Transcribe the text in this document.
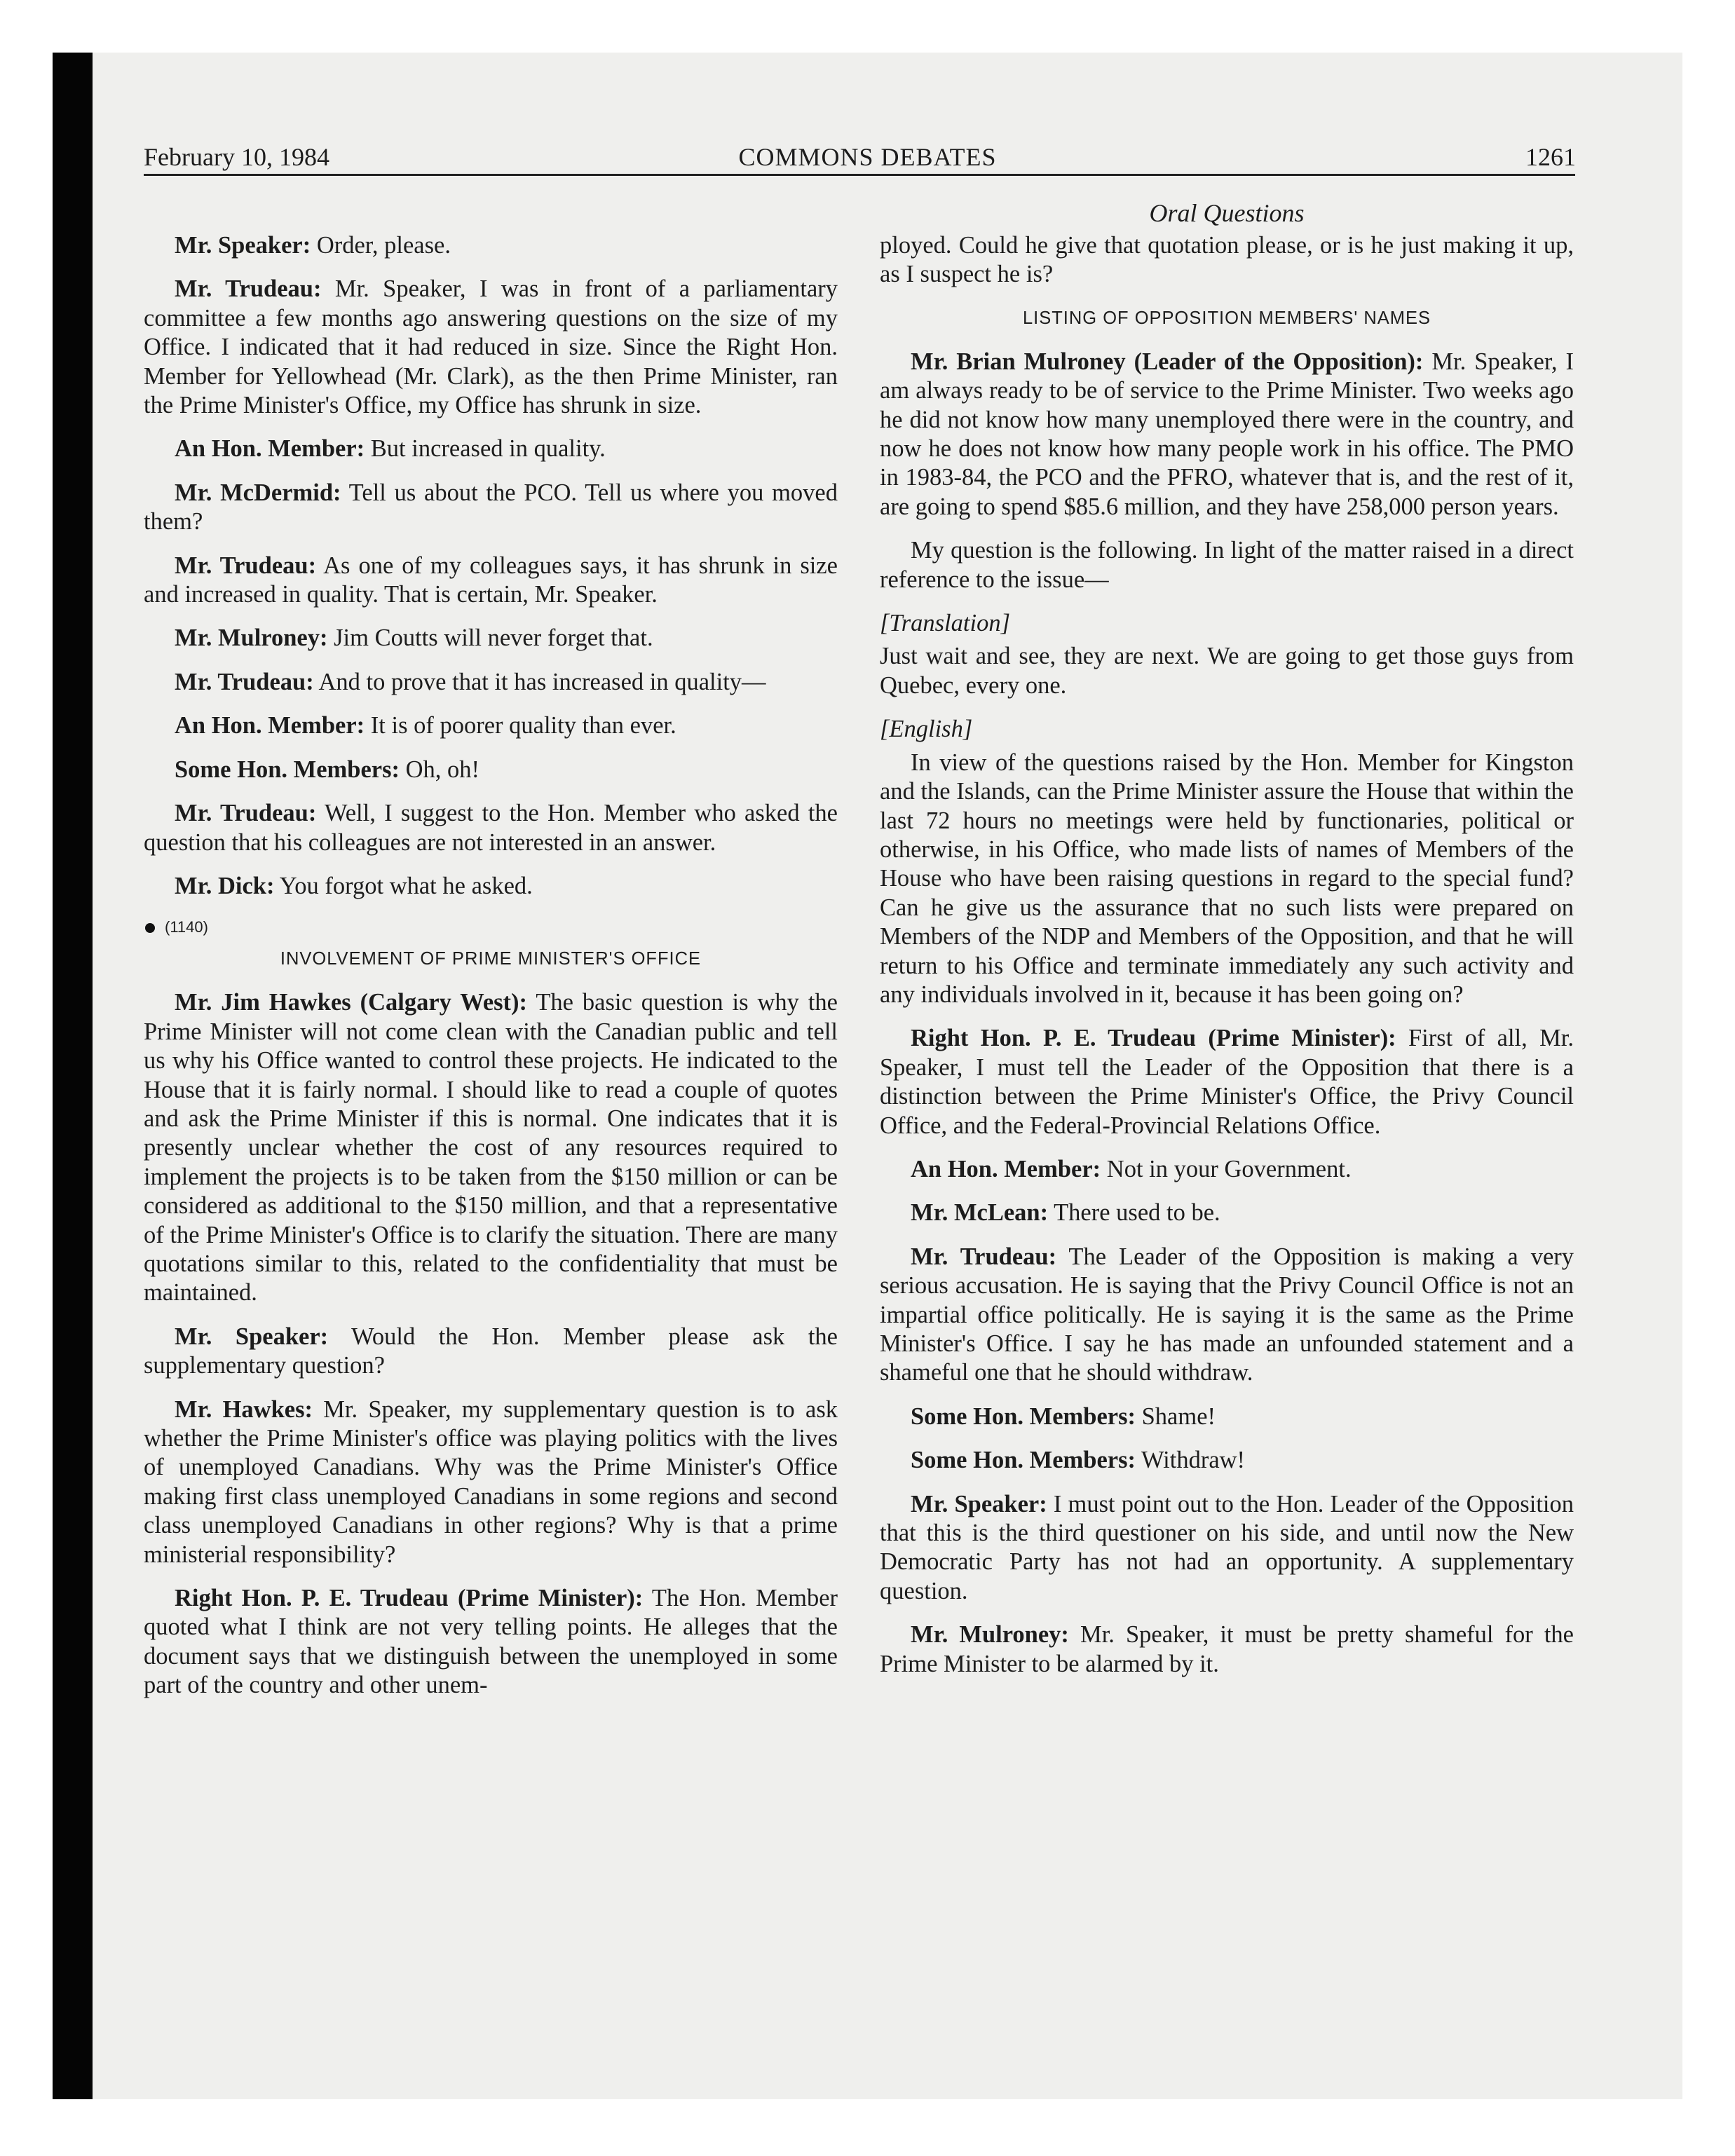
February 10, 1984	COMMONS DEBATES	1261
Oral Questions

Mr. Speaker: Order, please.

Mr. Trudeau: Mr. Speaker, I was in front of a parliamentary committee a few months ago answering questions on the size of my Office. I indicated that it had reduced in size. Since the Right Hon. Member for Yellowhead (Mr. Clark), as the then Prime Minister, ran the Prime Minister's Office, my Office has shrunk in size.

An Hon. Member: But increased in quality.

Mr. McDermid: Tell us about the PCO. Tell us where you moved them?

Mr. Trudeau: As one of my colleagues says, it has shrunk in size and increased in quality. That is certain, Mr. Speaker.

Mr. Mulroney: Jim Coutts will never forget that.

Mr. Trudeau: And to prove that it has increased in quality—

An Hon. Member: It is of poorer quality than ever.

Some Hon. Members: Oh, oh!

Mr. Trudeau: Well, I suggest to the Hon. Member who asked the question that his colleagues are not interested in an answer.

Mr. Dick: You forgot what he asked.

(1140)
INVOLVEMENT OF PRIME MINISTER'S OFFICE

Mr. Jim Hawkes (Calgary West): The basic question is why the Prime Minister will not come clean with the Canadian public and tell us why his Office wanted to control these projects. He indicated to the House that it is fairly normal. I should like to read a couple of quotes and ask the Prime Minister if this is normal. One indicates that it is presently unclear whether the cost of any resources required to implement the projects is to be taken from the $150 million or can be considered as additional to the $150 million, and that a representative of the Prime Minister's Office is to clarify the situation. There are many quotations similar to this, related to the confidentiality that must be maintained.

Mr. Speaker: Would the Hon. Member please ask the supplementary question?

Mr. Hawkes: Mr. Speaker, my supplementary question is to ask whether the Prime Minister's office was playing politics with the lives of unemployed Canadians. Why was the Prime Minister's Office making first class unemployed Canadians in some regions and second class unemployed Canadians in other regions? Why is that a prime ministerial responsibility?

Right Hon. P. E. Trudeau (Prime Minister): The Hon. Member quoted what I think are not very telling points. He alleges that the document says that we distinguish between the unemployed in some part of the country and other unem-

ployed. Could he give that quotation please, or is he just making it up, as I suspect he is?

LISTING OF OPPOSITION MEMBERS' NAMES

Mr. Brian Mulroney (Leader of the Opposition): Mr. Speaker, I am always ready to be of service to the Prime Minister. Two weeks ago he did not know how many unemployed there were in the country, and now he does not know how many people work in his office. The PMO in 1983-84, the PCO and the PFRO, whatever that is, and the rest of it, are going to spend $85.6 million, and they have 258,000 person years.

My question is the following. In light of the matter raised in a direct reference to the issue—

[Translation]

Just wait and see, they are next. We are going to get those guys from Quebec, every one.

[English]

In view of the questions raised by the Hon. Member for Kingston and the Islands, can the Prime Minister assure the House that within the last 72 hours no meetings were held by functionaries, political or otherwise, in his Office, who made lists of names of Members of the House who have been raising questions in regard to the special fund? Can he give us the assurance that no such lists were prepared on Members of the NDP and Members of the Opposition, and that he will return to his Office and terminate immediately any such activity and any individuals involved in it, because it has been going on?

Right Hon. P. E. Trudeau (Prime Minister): First of all, Mr. Speaker, I must tell the Leader of the Opposition that there is a distinction between the Prime Minister's Office, the Privy Council Office, and the Federal-Provincial Relations Office.

An Hon. Member: Not in your Government.

Mr. McLean: There used to be.

Mr. Trudeau: The Leader of the Opposition is making a very serious accusation. He is saying that the Privy Council Office is not an impartial office politically. He is saying it is the same as the Prime Minister's Office. I say he has made an unfounded statement and a shameful one that he should withdraw.

Some Hon. Members: Shame!

Some Hon. Members: Withdraw!

Mr. Speaker: I must point out to the Hon. Leader of the Opposition that this is the third questioner on his side, and until now the New Democratic Party has not had an opportunity. A supplementary question.

Mr. Mulroney: Mr. Speaker, it must be pretty shameful for the Prime Minister to be alarmed by it.
